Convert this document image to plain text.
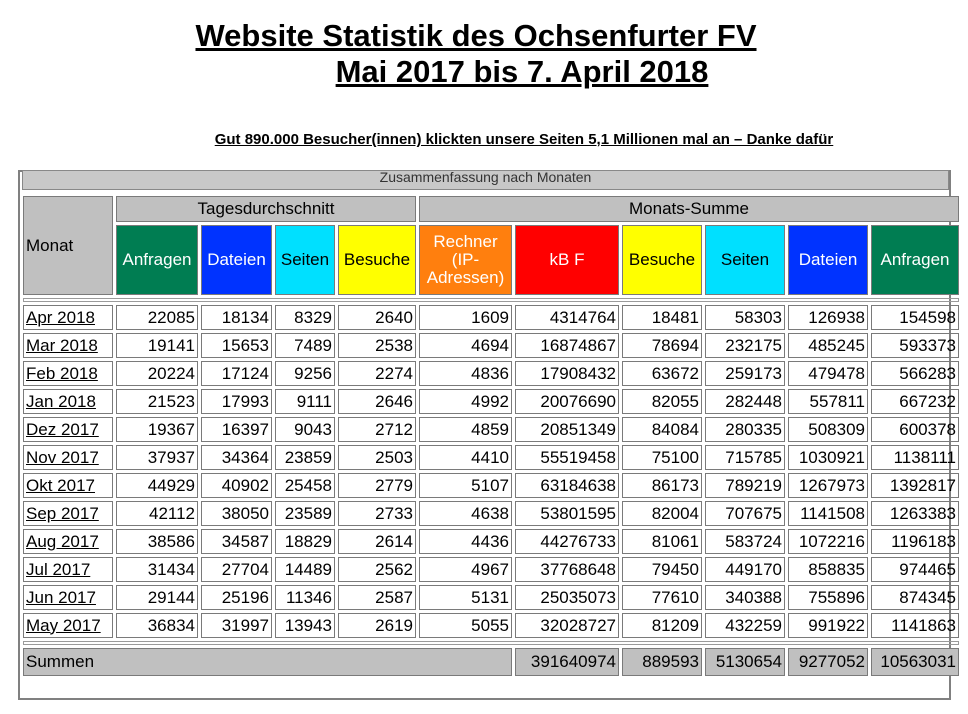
Website Statistik des Ochsenfurter FV
Mai 2017 bis 7. April 2018
Gut 890.000 Besucher(innen) klickten unsere Seiten 5,1 Millionen mal an – Danke dafür
Zusammenfassung nach Monaten
Monat	Tagesdurchschnitt				Monats-Summe					
	Anfragen	Dateien	Seiten	Besuche	Rechner (IP-Adressen)	kB F	Besuche	Seiten	Dateien	Anfragen

Apr 2018	22085	18134	8329	2640	1609	4314764	18481	58303	126938	154598
Mar 2018	19141	15653	7489	2538	4694	16874867	78694	232175	485245	593373
Feb 2018	20224	17124	9256	2274	4836	17908432	63672	259173	479478	566283
Jan 2018	21523	17993	9111	2646	4992	20076690	82055	282448	557811	667232
Dez 2017	19367	16397	9043	2712	4859	20851349	84084	280335	508309	600378
Nov 2017	37937	34364	23859	2503	4410	55519458	75100	715785	1030921	1138111
Okt 2017	44929	40902	25458	2779	5107	63184638	86173	789219	1267973	1392817
Sep 2017	42112	38050	23589	2733	4638	53801595	82004	707675	1141508	1263383
Aug 2017	38586	34587	18829	2614	4436	44276733	81061	583724	1072216	1196183
Jul 2017	31434	27704	14489	2562	4967	37768648	79450	449170	858835	974465
Jun 2017	29144	25196	11346	2587	5131	25035073	77610	340388	755896	874345
May 2017	36834	31997	13943	2619	5055	32028727	81209	432259	991922	1141863

Summen						391640974	889593	5130654	9277052	10563031
